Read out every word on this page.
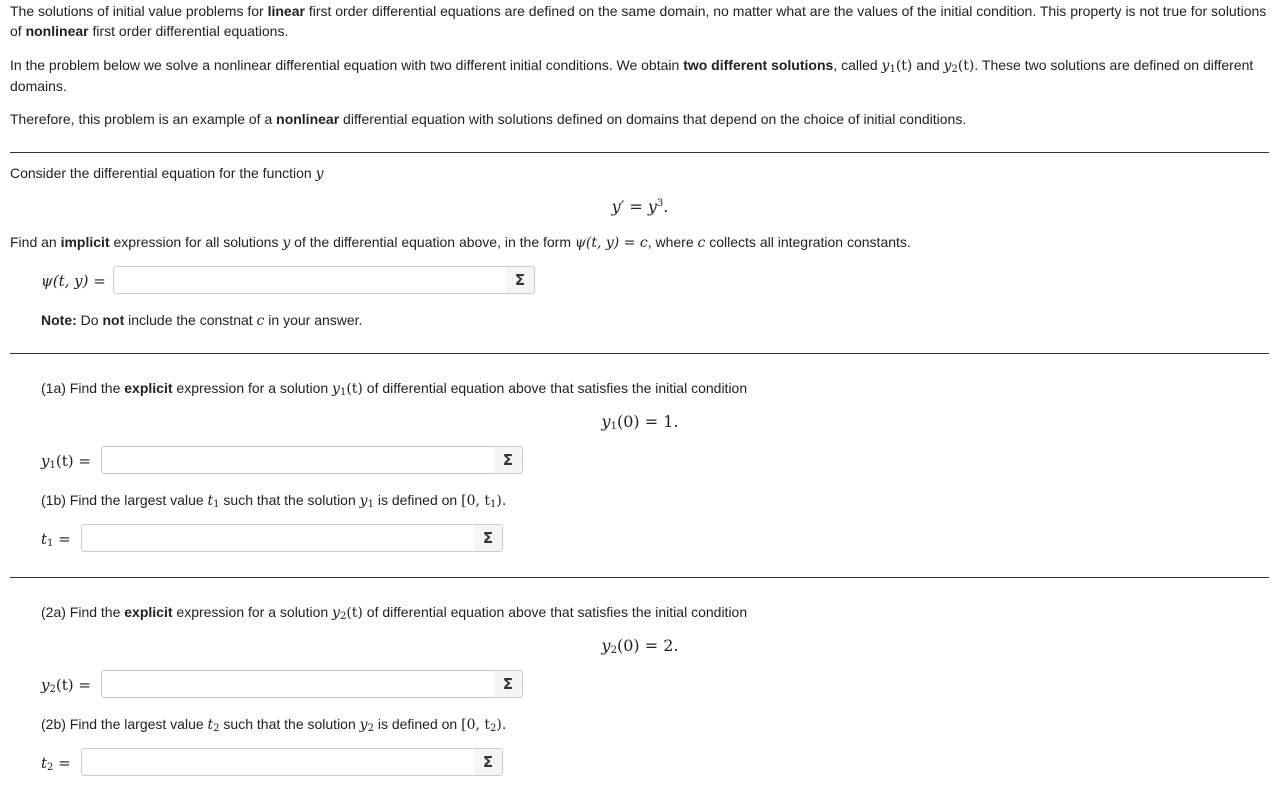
The solutions of initial value problems for linear first order differential equations are defined on the same domain, no matter what are the values of the initial condition. This property is not true for solutions of nonlinear first order differential equations.
In the problem below we solve a nonlinear differential equation with two different initial conditions. We obtain two different solutions, called $y_1(t)$ and $y_2(t)$. These two solutions are defined on different domains.
Therefore, this problem is an example of a nonlinear differential equation with solutions defined on domains that depend on the choice of initial conditions.
Consider the differential equation for the function y
$y' = y^3$.
Find an implicit expression for all solutions y of the differential equation above, in the form ψ(t, y) = c, where c collects all integration constants.
ψ(t, y) =	Σ
Note: Do not include the constnat c in your answer.
(1a) Find the explicit expression for a solution $y_1(t)$ of differential equation above that satisfies the initial condition
$y_1(0) = 1$.
$y_1(t)$ =	Σ
(1b) Find the largest value $t_1$ such that the solution $y_1$ is defined on [0, $t_1$).
$t_1$ =	Σ
(2a) Find the explicit expression for a solution $y_2(t)$ of differential equation above that satisfies the initial condition
$y_2(0) = 2$.
$y_2(t)$ =	Σ
(2b) Find the largest value $t_2$ such that the solution $y_2$ is defined on [0, $t_2$).
$t_2$ =	Σ
